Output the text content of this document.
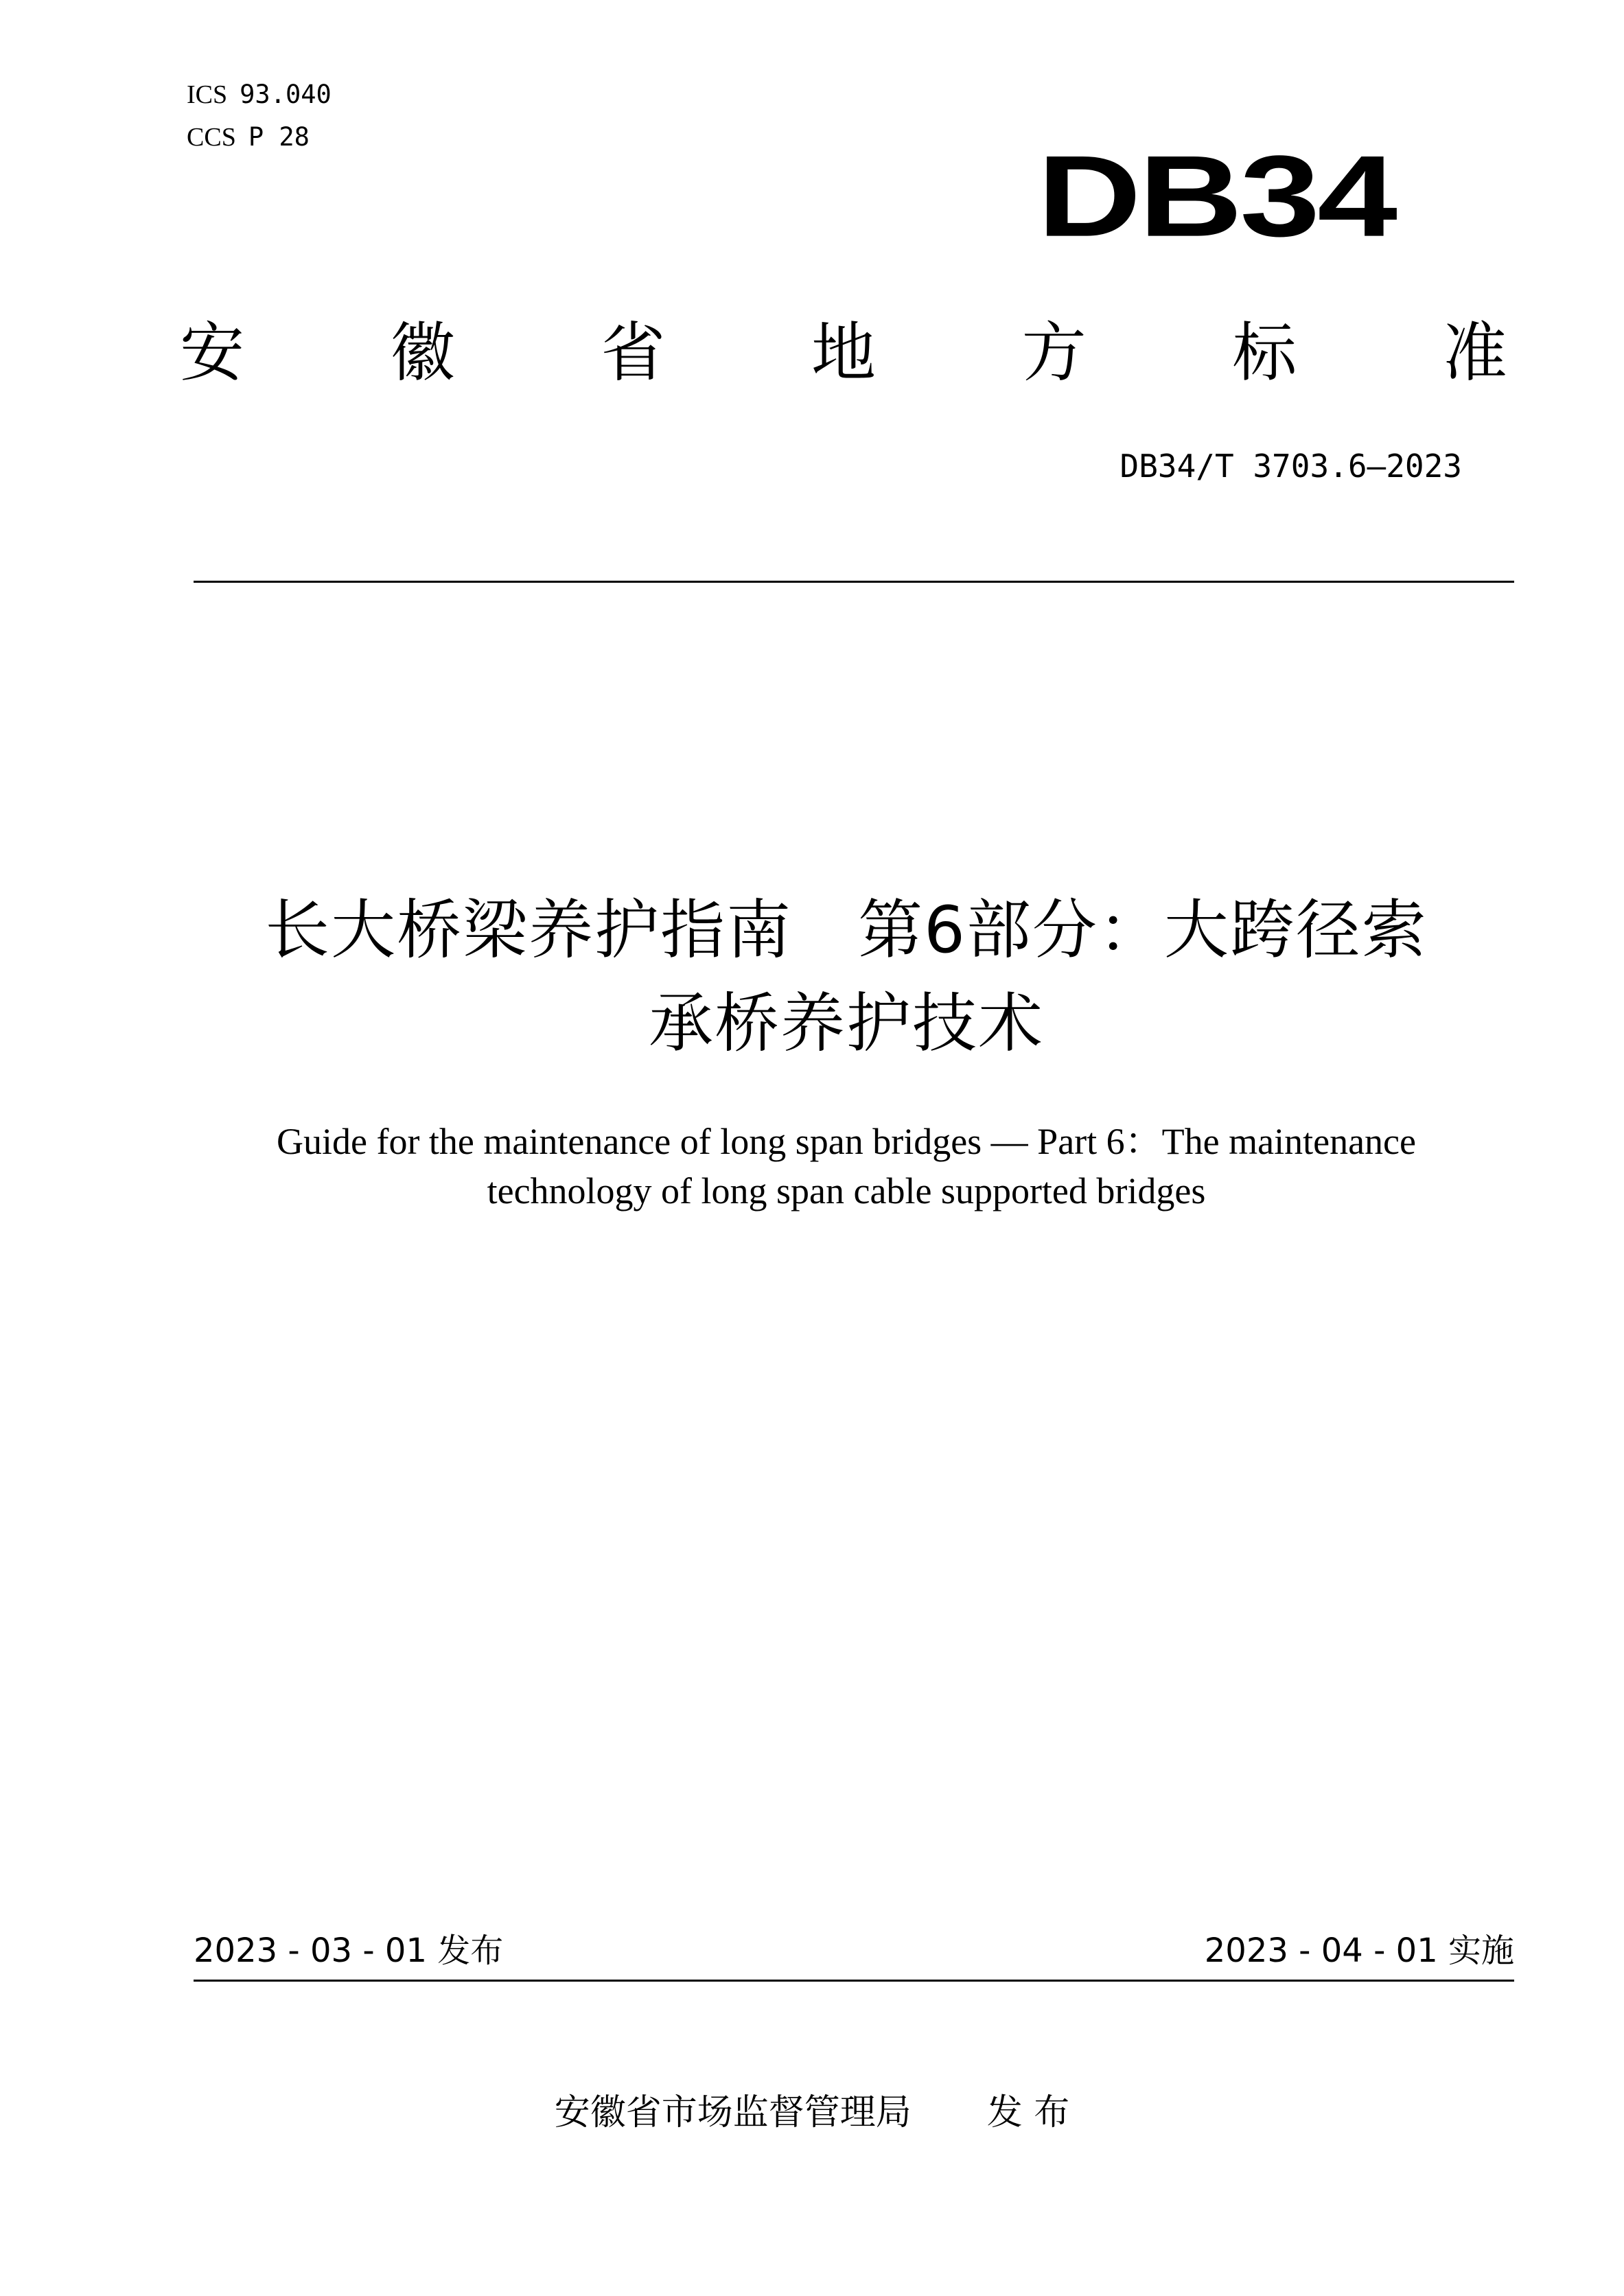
ICS 93.040
CCS P 28	DB34
安 徽 省 地 方 标 准
DB34/T 3703.6—2023
长大桥梁养护指南　第6部分：大跨径索
承桥养护技术
Guide for the maintenance of long span bridges — Part 6：The maintenance
technology of long span cable supported bridges
2023 - 03 - 01 发布	2023 - 04 - 01 实施
安徽省市场监督管理局 发 布
